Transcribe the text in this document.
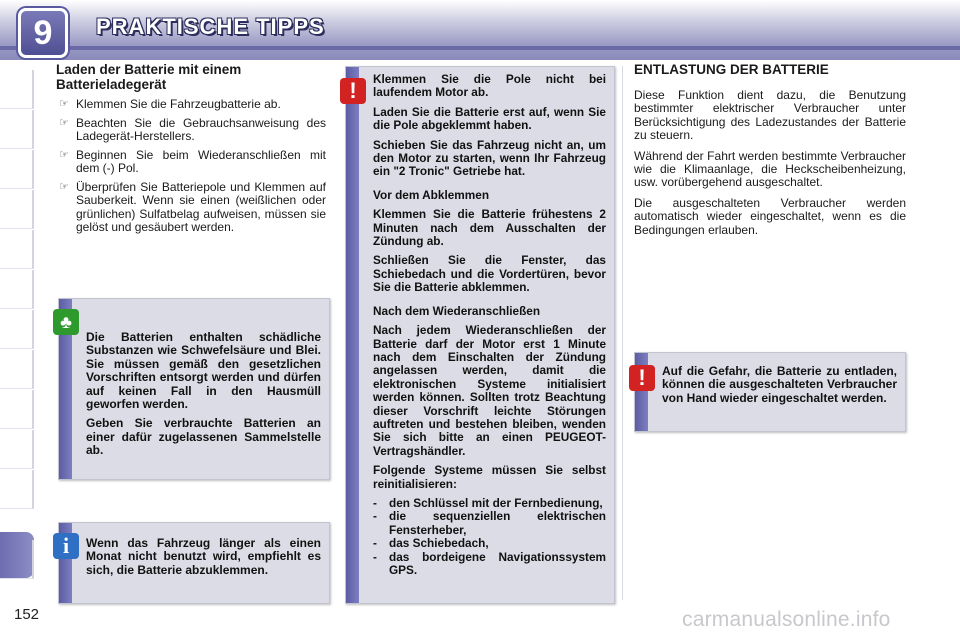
9	PRAKTISCHE TIPPS
Laden der Batterie mit einem Batterieladegerät
☞ Klemmen Sie die Fahrzeugbatterie ab.
☞ Beachten Sie die Gebrauchsanweisung des Ladegerät-Herstellers.
☞ Beginnen Sie beim Wiederanschließen mit dem (-) Pol.
☞ Überprüfen Sie Batteriepole und Klemmen auf Sauberkeit. Wenn sie einen (weißlichen oder grünlichen) Sulfatbelag aufweisen, müssen sie gelöst und gesäubert werden.
♣

Die Batterien enthalten schädliche Substanzen wie Schwefelsäure und Blei. Sie müssen gemäß den gesetzlichen Vorschriften entsorgt werden und dürfen auf keinen Fall in den Hausmüll geworfen werden.

Geben Sie verbrauchte Batterien an einer dafür zugelassenen Sammelstelle ab.

i	Wenn das Fahrzeug länger als einen Monat nicht benutzt wird, empfiehlt es sich, die Batterie abzuklemmen.

!	Klemmen Sie die Pole nicht bei laufendem Motor ab.

Laden Sie die Batterie erst auf, wenn Sie die Pole abgeklemmt haben.

Schieben Sie das Fahrzeug nicht an, um den Motor zu starten, wenn Ihr Fahrzeug ein "2 Tronic" Getriebe hat.

Vor dem Abklemmen

Klemmen Sie die Batterie frühestens 2 Minuten nach dem Ausschalten der Zündung ab.

Schließen Sie die Fenster, das Schiebedach und die Vordertüren, bevor Sie die Batterie abklemmen.

Nach dem Wiederanschließen

Nach jedem Wiederanschließen der Batterie darf der Motor erst 1 Minute nach dem Einschalten der Zündung angelassen werden, damit die elektronischen Systeme initialisiert werden können. Sollten trotz Beachtung dieser Vorschrift leichte Störungen auftreten und bestehen bleiben, wenden Sie sich bitte an einen PEUGEOT-Vertragshändler.

Folgende Systeme müssen Sie selbst reinitialisieren:

- den Schlüssel mit der Fernbedienung,
- die sequenziellen elektrischen Fensterheber,
- das Schiebedach,
- das bordeigene Navigationssystem GPS.
ENTLASTUNG DER BATTERIE

Diese Funktion dient dazu, die Benutzung bestimmter elektrischer Verbraucher unter Berücksichtigung des Ladezustandes der Batterie zu steuern.

Während der Fahrt werden bestimmte Verbraucher wie die Klimaanlage, die Heckscheibenheizung, usw. vorübergehend ausgeschaltet.

Die ausgeschalteten Verbraucher werden automatisch wieder eingeschaltet, wenn es die Bedingungen erlauben.

!	Auf die Gefahr, die Batterie zu entladen, können die ausgeschalteten Verbraucher von Hand wieder eingeschaltet werden.

152	carmanualsonline.info
